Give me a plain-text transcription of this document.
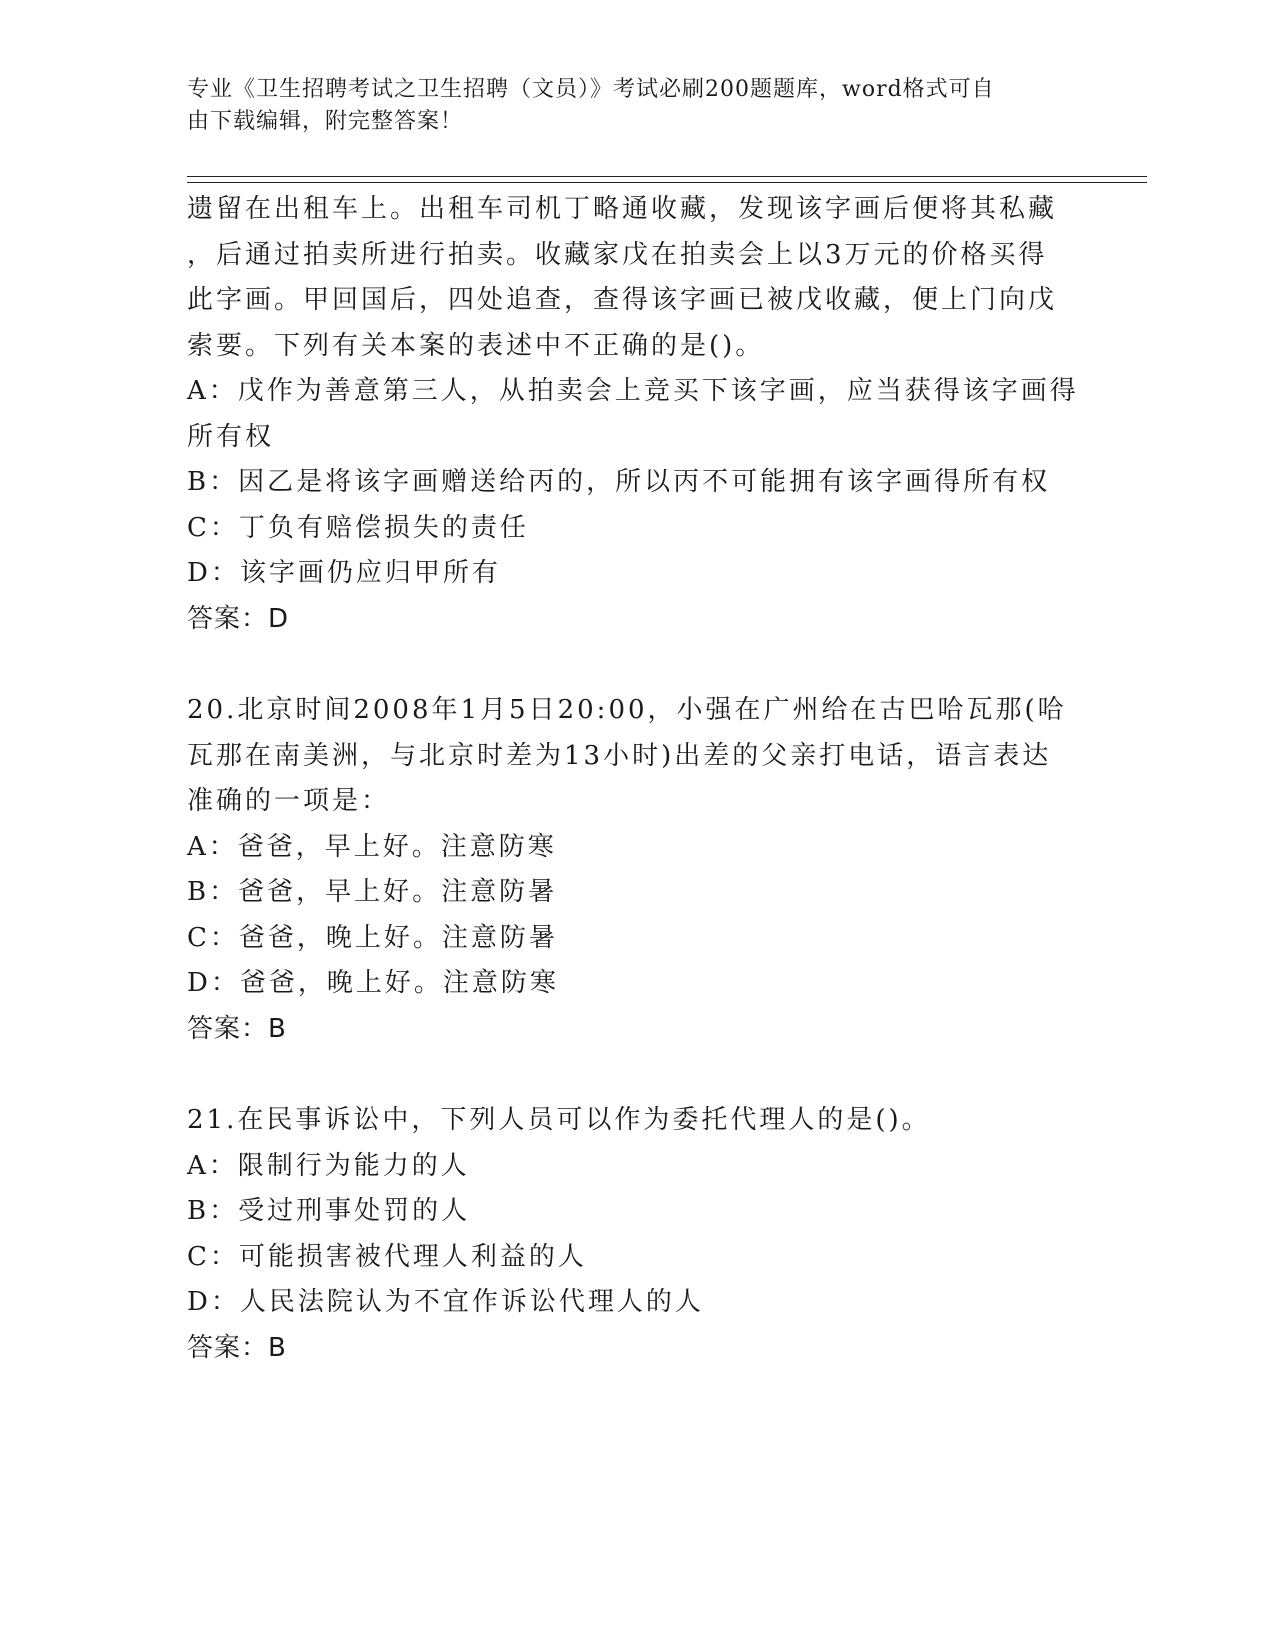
专业《卫生招聘考试之卫生招聘（文员）》考试必刷200题题库，word格式可自
由下载编辑，附完整答案！
遗留在出租车上。出租车司机丁略通收藏，发现该字画后便将其私藏
，后通过拍卖所进行拍卖。收藏家戊在拍卖会上以3万元的价格买得
此字画。甲回国后，四处追查，查得该字画已被戊收藏，便上门向戊
索要。下列有关本案的表述中不正确的是()。
A：戊作为善意第三人，从拍卖会上竞买下该字画，应当获得该字画得
所有权
B：因乙是将该字画赠送给丙的，所以丙不可能拥有该字画得所有权
C：丁负有赔偿损失的责任
D：该字画仍应归甲所有
答案：D
20.北京时间2008年1月5日20:00，小强在广州给在古巴哈瓦那(哈
瓦那在南美洲，与北京时差为13小时)出差的父亲打电话，语言表达
准确的一项是：
A：爸爸，早上好。注意防寒
B：爸爸，早上好。注意防暑
C：爸爸，晚上好。注意防暑
D：爸爸，晚上好。注意防寒
答案：B
21.在民事诉讼中，下列人员可以作为委托代理人的是()。
A：限制行为能力的人
B：受过刑事处罚的人
C：可能损害被代理人利益的人
D：人民法院认为不宜作诉讼代理人的人
答案：B
